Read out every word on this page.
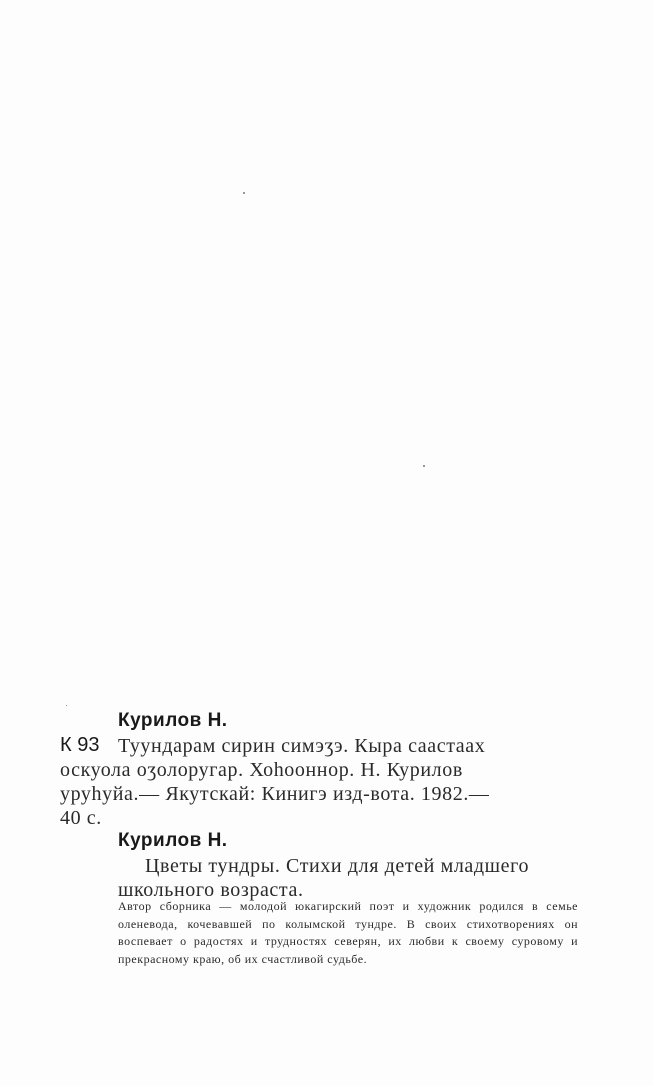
Курилов Н.
К 93 Туундарам сирин симэӡэ. Кыра саастаах
оскуола оӡолоругар. Хоһоонноp. Н. Курилов
уруһуйа.— Якутскай: Кинигэ изд-вота. 1982.—
40 с.
Курилов Н.
Цветы тундры. Стихи для детей младшего
школьного возраста.
Автор сборника — молодой юкагирский поэт и художник родился в семье оленевода, кочевавшей по колымской тундре. В своих стихотворениях он воспевает о радостях и трудностях северян, их любви к своему суровому и прекрасному краю, об их счастливой судьбе.
